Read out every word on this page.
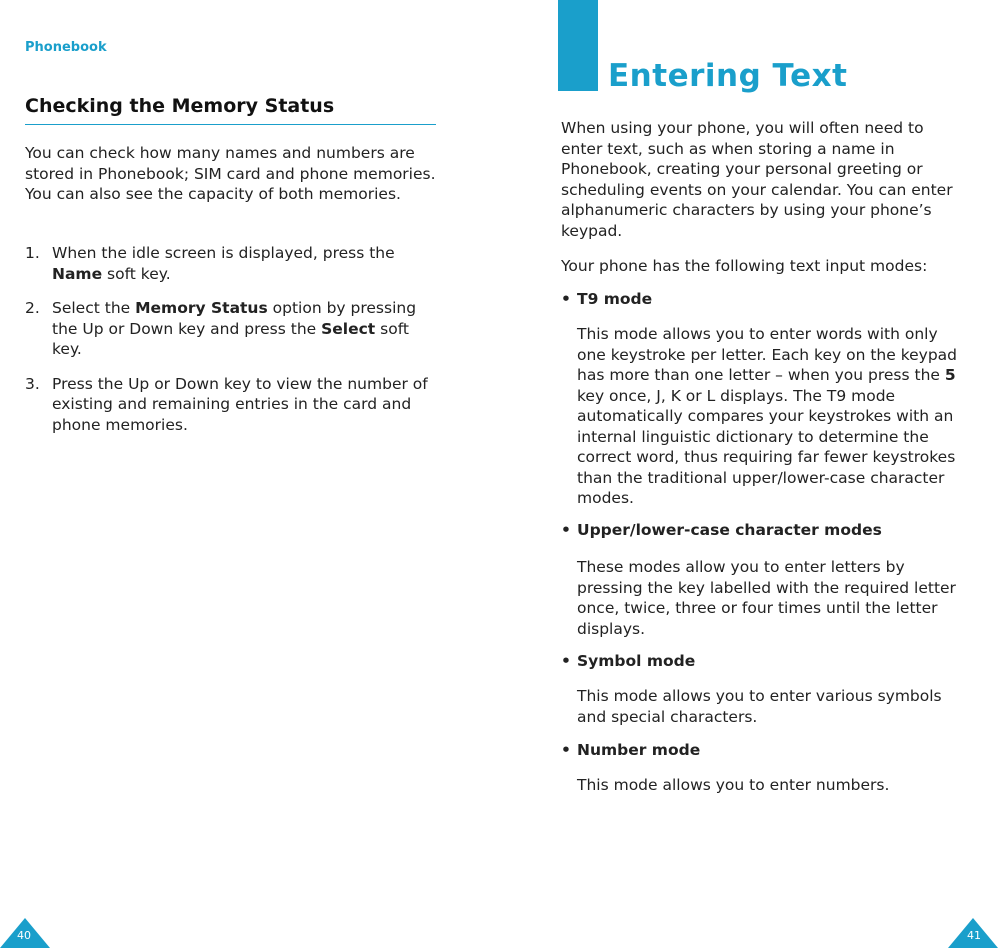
Phonebook
Checking the Memory Status

You can check how many names and numbers are stored in Phonebook; SIM card and phone memories. You can also see the capacity of both memories.

1. When the idle screen is displayed, press the Name soft key.
2. Select the Memory Status option by pressing the Up or Down key and press the Select soft key.
3. Press the Up or Down key to view the number of existing and remaining entries in the card and phone memories.
40
Entering Text

When using your phone, you will often need to enter text, such as when storing a name in Phonebook, creating your personal greeting or scheduling events on your calendar. You can enter alphanumeric characters by using your phone’s keypad.

Your phone has the following text input modes:

• T9 mode

This mode allows you to enter words with only one keystroke per letter. Each key on the keypad has more than one letter – when you press the 5 key once, J, K or L displays. The T9 mode automatically compares your keystrokes with an internal linguistic dictionary to determine the correct word, thus requiring far fewer keystrokes than the traditional upper/lower-case character modes.

• Upper/lower-case character modes

These modes allow you to enter letters by pressing the key labelled with the required letter once, twice, three or four times until the letter displays.

• Symbol mode

This mode allows you to enter various symbols and special characters.

• Number mode

This mode allows you to enter numbers.

41
